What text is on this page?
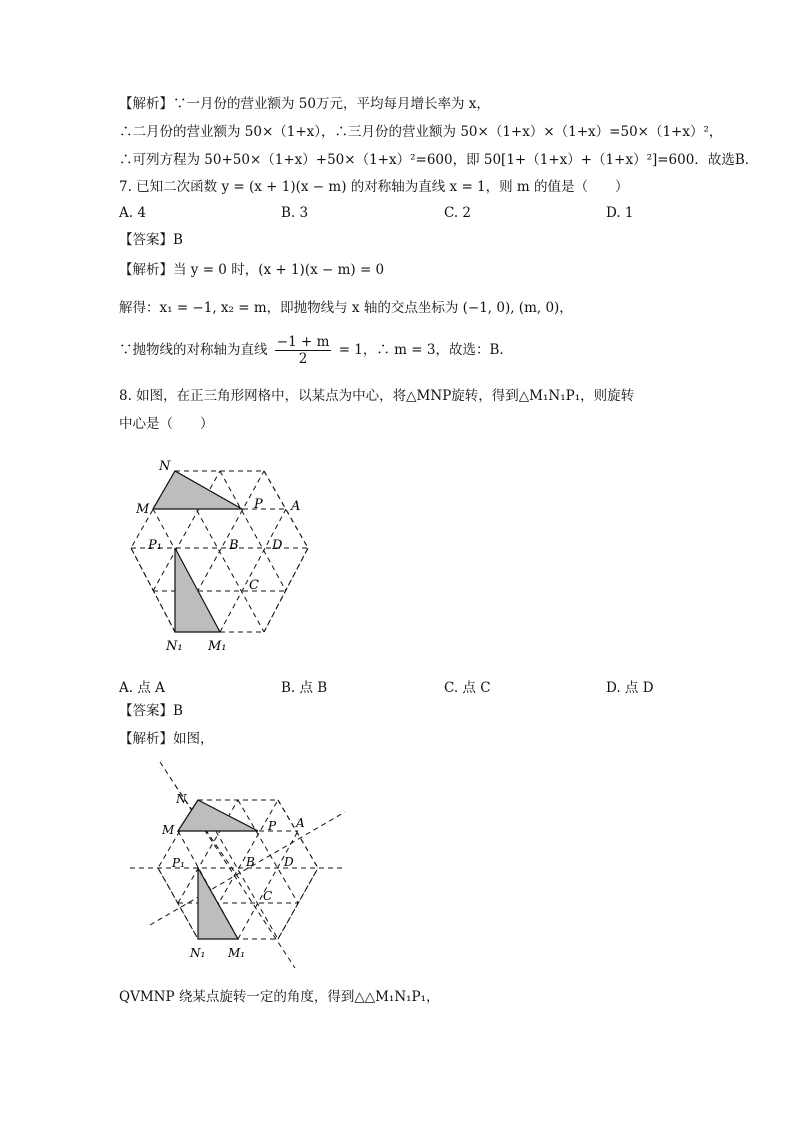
【解析】∵一月份的营业额为 50万元，平均每月增长率为 x，
∴二月份的营业额为 50×（1+x），∴三月份的营业额为 50×（1+x）×（1+x）=50×（1+x）²，
∴可列方程为 50+50×（1+x）+50×（1+x）²=600，即 50[1+（1+x）+（1+x）²]=600．故选B．
7. 已知二次函数 y = (x + 1)(x − m) 的对称轴为直线 x = 1，则 m 的值是（　　）
A. 4	B. 3	C. 2	D. 1
【答案】B
【解析】当 y = 0 时，(x + 1)(x − m) = 0
解得：x₁ = −1, x₂ = m，即抛物线与 x 轴的交点坐标为 (−1, 0), (m, 0)，
∵抛物线的对称轴为直线 $\frac{-1 + m}{2} = 1$，∴ m = 3，故选：B．
8. 如图，在正三角形网格中，以某点为中心，将△MNP旋转，得到△M₁N₁P₁，则旋转
中心是（　　）
N
M	P A
P₁	B	D
C
N₁ M₁
A. 点 A	B. 点 B	C. 点 C	D. 点 D
【答案】B
【解析】如图，
N
M	P A
P₁	B D
C
N₁ M₁
QVMNP 绕某点旋转一定的角度，得到△△M₁N₁P₁，
